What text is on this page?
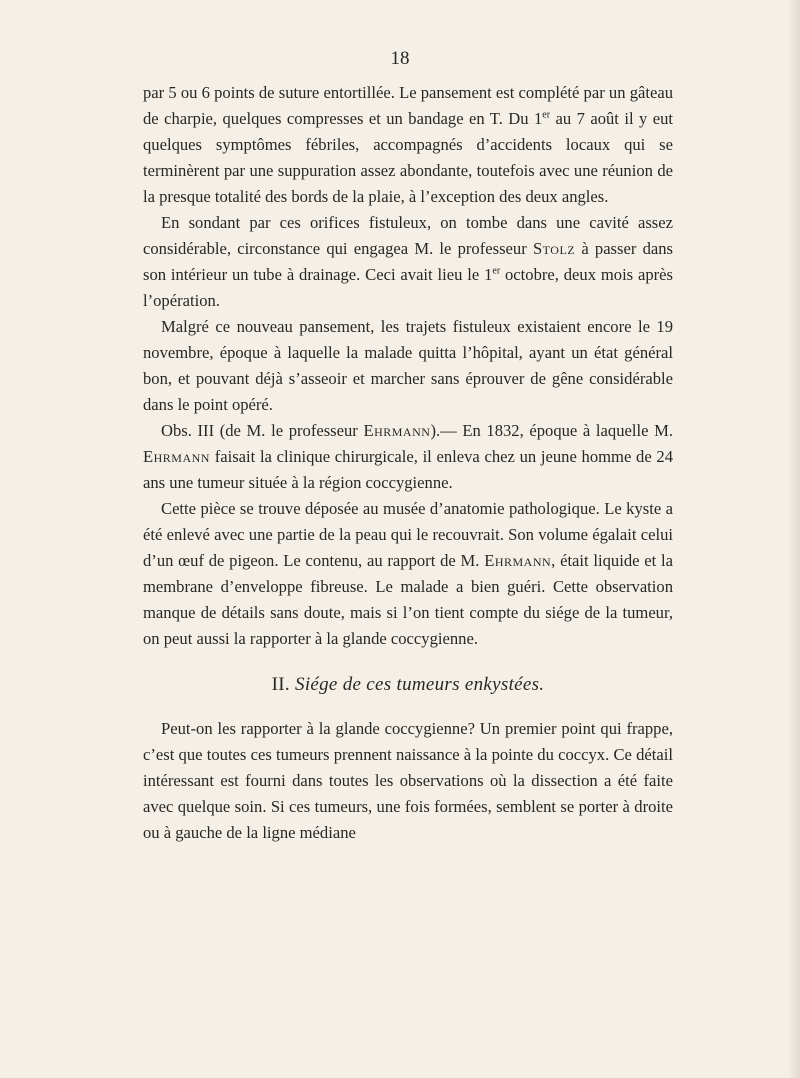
18

par 5 ou 6 points de suture entortillée. Le pansement est complété par un gâteau de charpie, quelques compresses et un bandage en T. Du 1er au 7 août il y eut quelques symptômes fébriles, accompagnés d’accidents locaux qui se terminèrent par une suppuration assez abondante, toutefois avec une réunion de la presque totalité des bords de la plaie, à l’exception des deux angles.

En sondant par ces orifices fistuleux, on tombe dans une cavité assez considérable, circonstance qui engagea M. le professeur Stolz à passer dans son intérieur un tube à drainage. Ceci avait lieu le 1er octobre, deux mois après l’opération.

Malgré ce nouveau pansement, les trajets fistuleux existaient encore le 19 novembre, époque à laquelle la malade quitta l’hôpital, ayant un état général bon, et pouvant déjà s’asseoir et marcher sans éprouver de gêne considérable dans le point opéré.

Obs. III (de M. le professeur Ehrmann).— En 1832, époque à laquelle M. Ehrmann faisait la clinique chirurgicale, il enleva chez un jeune homme de 24 ans une tumeur située à la région coccygienne.

Cette pièce se trouve déposée au musée d’anatomie pathologique. Le kyste a été enlevé avec une partie de la peau qui le recouvrait. Son volume égalait celui d’un œuf de pigeon. Le contenu, au rapport de M. Ehrmann, était liquide et la membrane d’enveloppe fibreuse. Le malade a bien guéri. Cette observation manque de détails sans doute, mais si l’on tient compte du siége de la tumeur, on peut aussi la rapporter à la glande coccygienne.

II. Siége de ces tumeurs enkystées.

Peut-on les rapporter à la glande coccygienne? Un premier point qui frappe, c’est que toutes ces tumeurs prennent naissance à la pointe du coccyx. Ce détail intéressant est fourni dans toutes les observations où la dissection a été faite avec quelque soin. Si ces tumeurs, une fois formées, semblent se porter à droite ou à gauche de la ligne médiane
